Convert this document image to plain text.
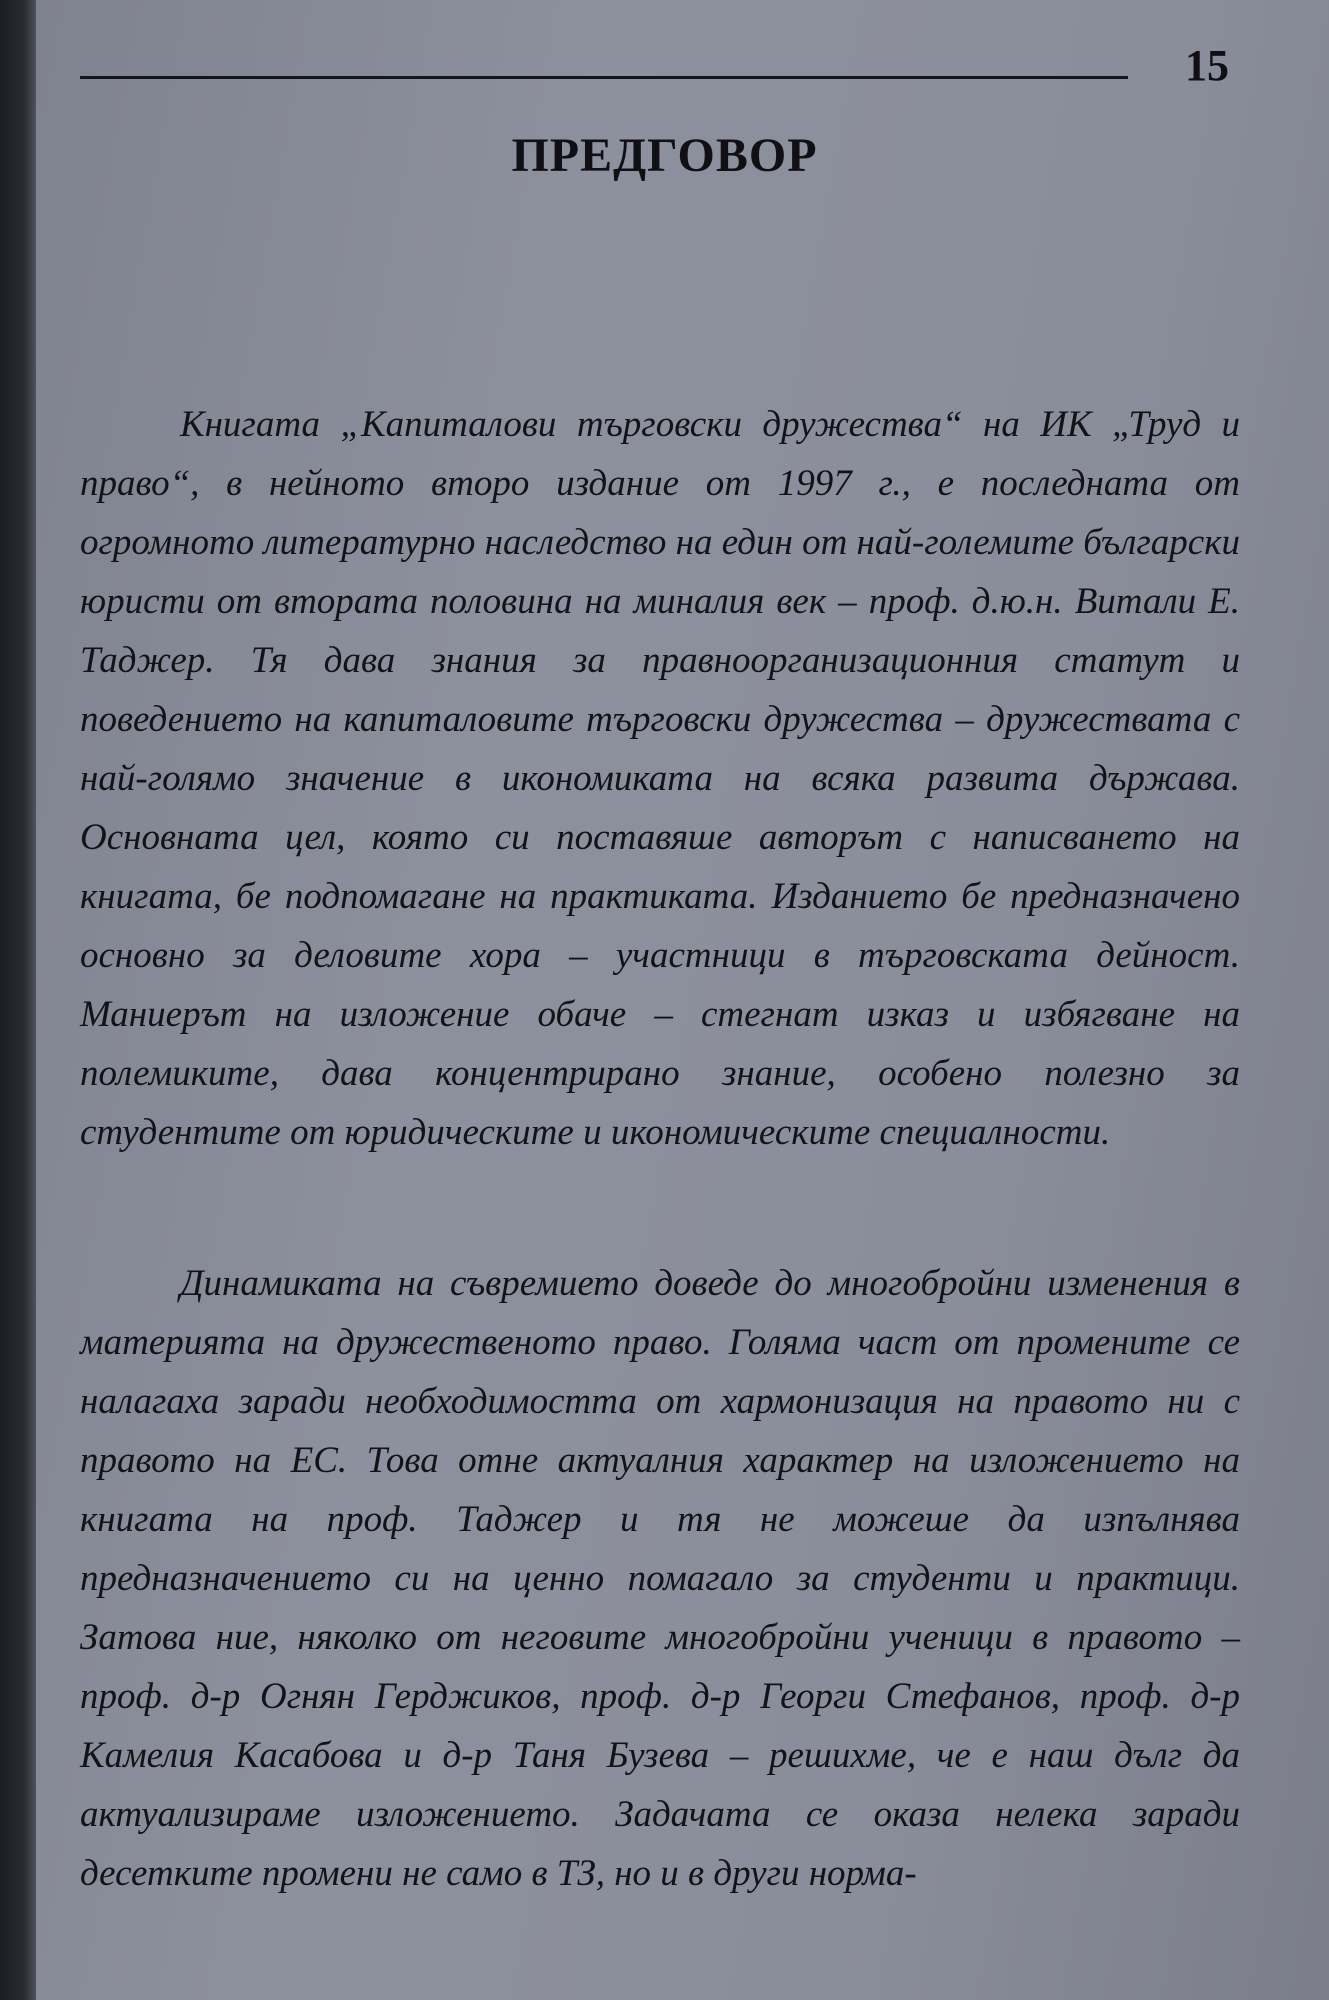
15
ПРЕДГОВОР

Книгата „Капиталови търговски дружества“ на ИК „Труд и право“, в нейното второ издание от 1997 г., е последната от огромното литературно наследство на един от най-големите български юристи от втората половина на миналия век – проф. д.ю.н. Витали Е. Таджер. Тя дава знания за правноорганизационния статут и поведението на капиталовите търговски дружества – дружествата с най-голямо значение в икономиката на всяка развита държава. Основната цел, която си поставяше авторът с написването на книгата, бе подпомагане на практиката. Изданието бе предназначено основно за деловите хора – участници в търговската дейност. Маниерът на изложение обаче – стегнат изказ и избягване на полемиките, дава концентрирано знание, особено полезно за студентите от юридическите и икономическите специалности.

Динамиката на съвремието доведе до многобройни изменения в материята на дружественото право. Голяма част от промените се налагаха заради необходимостта от хармонизация на правото ни с правото на ЕС. Това отне актуалния характер на изложението на книгата на проф. Таджер и тя не можеше да изпълнява предназначението си на ценно помагало за студенти и практици. Затова ние, няколко от неговите многобройни ученици в правото – проф. д-р Огнян Герджиков, проф. д-р Георги Стефанов, проф. д-р Камелия Касабова и д-р Таня Бузева – решихме, че е наш дълг да актуализираме изложението. Задачата се оказа нелека заради десетките промени не само в ТЗ, но и в други норма-
